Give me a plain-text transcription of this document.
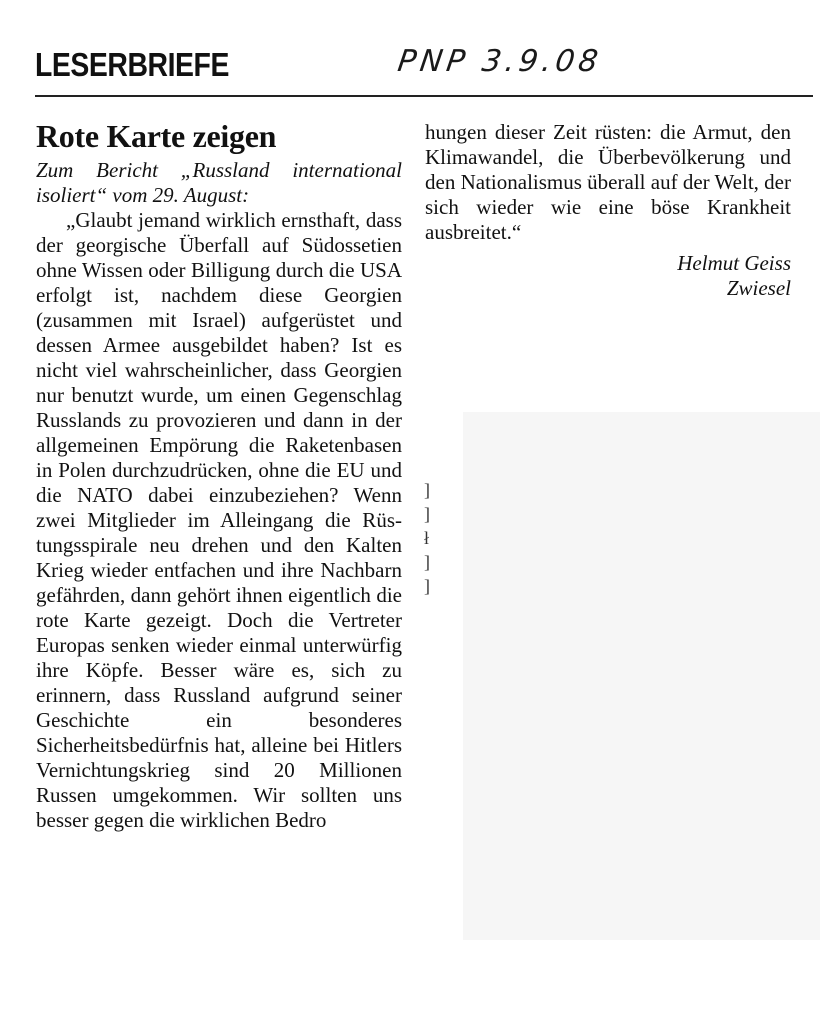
LESERBRIEFE	PNP 3.9.08
Rote Karte zeigen

Zum Bericht „Russland international isoliert“ vom 29. August:

„Glaubt jemand wirklich ernsthaft, dass der georgische Überfall auf Südossetien ohne Wissen oder Billigung durch die USA erfolgt ist, nachdem diese Georgien (zusammen mit Israel) aufgerüstet und dessen Armee ausgebildet haben? Ist es nicht viel wahrscheinlicher, dass Georgien nur benutzt wurde, um einen Gegenschlag Russlands zu provozieren und dann in der allgemeinen Empörung die Raketenbasen in Polen durchzudrücken, ohne die EU und die NATO dabei einzubeziehen? Wenn zwei Mitglieder im Alleingang die Rüstungsspirale neu drehen und den Kalten Krieg wieder entfachen und ihre Nachbarn gefährden, dann gehört ihnen eigentlich die rote Karte gezeigt. Doch die Vertreter Europas senken wieder einmal unterwürfig ihre Köpfe. Besser wäre es, sich zu erinnern, dass Russland aufgrund seiner Geschichte ein besonderes Sicherheitsbedürfnis hat, alleine bei Hitlers Vernichtungskrieg sind 20 Millionen Russen umgekommen. Wir sollten uns besser gegen die wirklichen Bedro

hungen dieser Zeit rüsten: die Armut, den Klimawandel, die Überbevölkerung und den Nationalismus überall auf der Welt, der sich wieder wie eine böse Krankheit ausbreitet.“

Helmut Geiss
Zwiesel
]
]
ł
]
]
